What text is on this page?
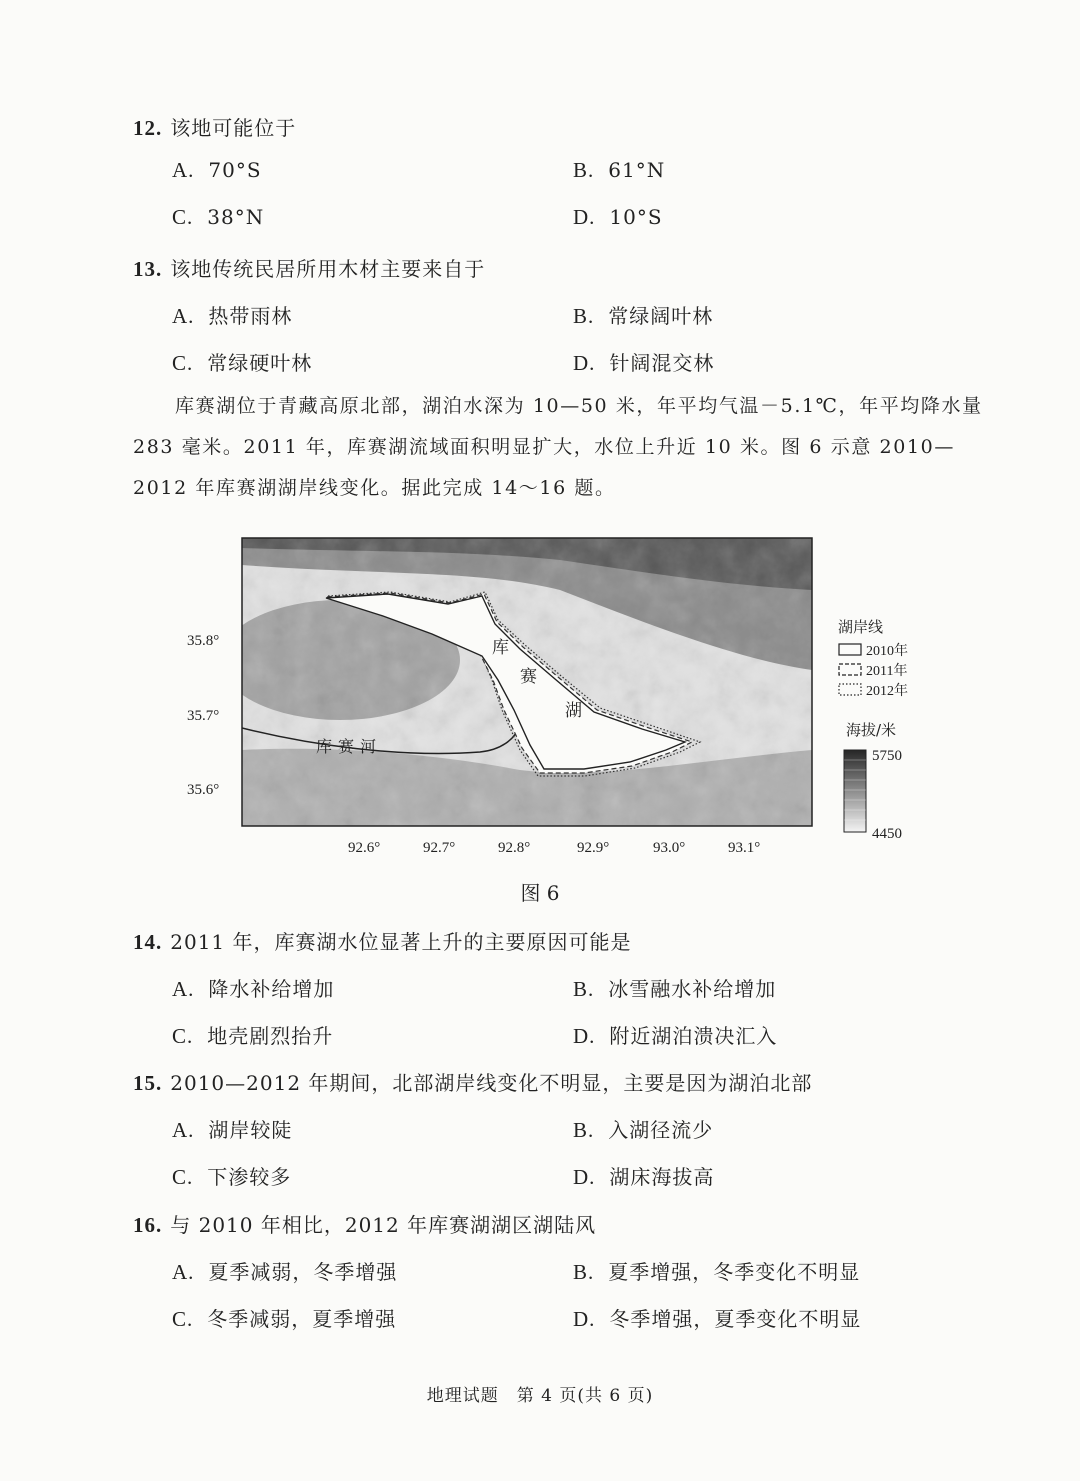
12. 该地可能位于
A. 70°S	B. 61°N
C. 38°N	D. 10°S
13. 该地传统民居所用木材主要来自于
A. 热带雨林	B. 常绿阔叶林
C. 常绿硬叶林	D. 针阔混交林
库赛湖位于青藏高原北部，湖泊水深为 10—50 米，年平均气温－5.1℃，年平均降水量 283 毫米。2011 年，库赛湖流域面积明显扩大，水位上升近 10 米。图 6 示意 2010—2012 年库赛湖湖岸线变化。据此完成 14～16 题。
库
赛
湖
库赛河
35.8°
35.7°
35.6°
92.6°	92.7°	92.8°	92.9°	93.0°	93.1°
湖岸线
2010年
2011年
2012年
海拔/米
5750
4450
图 6
14. 2011 年，库赛湖水位显著上升的主要原因可能是
A. 降水补给增加	B. 冰雪融水补给增加
C. 地壳剧烈抬升	D. 附近湖泊溃决汇入
15. 2010—2012 年期间，北部湖岸线变化不明显，主要是因为湖泊北部
A. 湖岸较陡	B. 入湖径流少
C. 下渗较多	D. 湖床海拔高
16. 与 2010 年相比，2012 年库赛湖湖区湖陆风
A. 夏季减弱，冬季增强	B. 夏季增强，冬季变化不明显
C. 冬季减弱，夏季增强	D. 冬季增强，夏季变化不明显
地理试题　第 4 页(共 6 页)
